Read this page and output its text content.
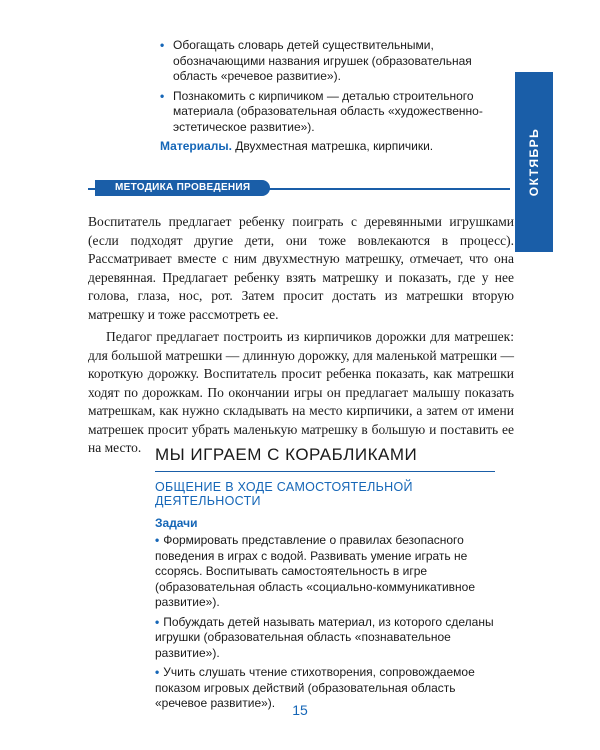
• Обогащать словарь детей существительными, обозначающими названия игрушек (образовательная область «речевое развитие»).
• Познакомить с кирпичиком — деталью строительного материала (образовательная область «художественно-эстетическое развитие»).
Материалы. Двухместная матрешка, кирпичики.	ОКТЯБРЬ
МЕТОДИКА ПРОВЕДЕНИЯ

Воспитатель предлагает ребенку поиграть с деревянными игрушками (если подходят другие дети, они тоже вовлекаются в процесс). Рассматривает вместе с ним двухместную матрешку, отмечает, что она деревянная. Предлагает ребенку взять матрешку и показать, где у нее голова, глаза, нос, рот. Затем просит достать из матрешки вторую матрешку и тоже рассмотреть ее.

Педагог предлагает построить из кирпичиков дорожки для матрешек: для большой матрешки — длинную дорожку, для маленькой матрешки — короткую дорожку. Воспитатель просит ребенка показать, как матрешки ходят по дорожкам. По окончании игры он предлагает малышу показать матрешкам, как нужно складывать на место кирпичики, а затем от имени матрешек просит убрать маленькую матрешку в большую и поставить ее на место. МЫ ИГРАЕМ С КОРАБЛИКАМИ
ОБЩЕНИЕ В ХОДЕ САМОСТОЯТЕЛЬНОЙ ДЕЯТЕЛЬНОСТИ
Задачи
• Формировать представление о правилах безопасного поведения в играх с водой. Развивать умение играть не ссорясь. Воспитывать самостоятельность в игре (образовательная область «социально-коммуникативное развитие»).
• Побуждать детей называть материал, из которого сделаны игрушки (образовательная область «познавательное развитие»).
• Учить слушать чтение стихотворения, сопровождаемое показом игровых действий (образовательная область «речевое развитие»).	15
